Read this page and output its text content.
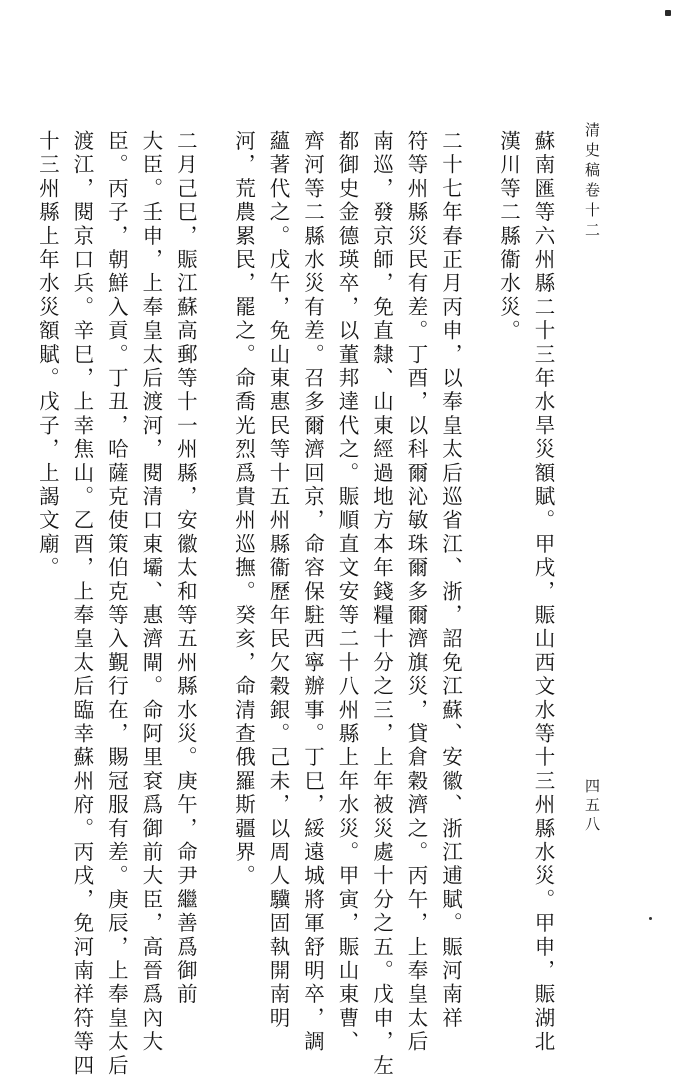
清史稿卷十二
四五八
蘇南匯等六州縣二十三年水旱災額賦。甲戌，賑山西文水等十三州縣水災。甲申，賑湖北
漢川等二縣衞水災。
二十七年春正月丙申，以奉皇太后巡省江、浙，詔免江蘇、安徽、浙江逋賦。賑河南祥
符等州縣災民有差。丁酉，以科爾沁敏珠爾多爾濟旗災，貸倉穀濟之。丙午，上奉皇太后
南巡，發京師，免直隸、山東經過地方本年錢糧十分之三，上年被災處十分之五。戊申，左
都御史金德瑛卒，以董邦達代之。賑順直文安等二十八州縣上年水災。甲寅，賑山東曹、
齊河等二縣水災有差。召多爾濟回京，命容保駐西寧辦事。丁巳，綏遠城將軍舒明卒，調
蘊著代之。戊午，免山東惠民等十五州縣衞歷年民欠穀銀。己未，以周人驥固執開南明
河，荒農累民，罷之。命喬光烈爲貴州巡撫。癸亥，命清查俄羅斯疆界。
二月己巳，賑江蘇高郵等十一州縣，安徽太和等五州縣水災。庚午，命尹繼善爲御前
大臣。壬申，上奉皇太后渡河，閱清口東壩、惠濟閘。命阿里袞爲御前大臣，高晉爲內大
臣。丙子，朝鮮入貢。丁丑，哈薩克使策伯克等入覲行在，賜冠服有差。庚辰，上奉皇太后
渡江，閱京口兵。辛巳，上幸焦山。乙酉，上奉皇太后臨幸蘇州府。丙戌，免河南祥符等四
十三州縣上年水災額賦。戊子，上謁文廟。
